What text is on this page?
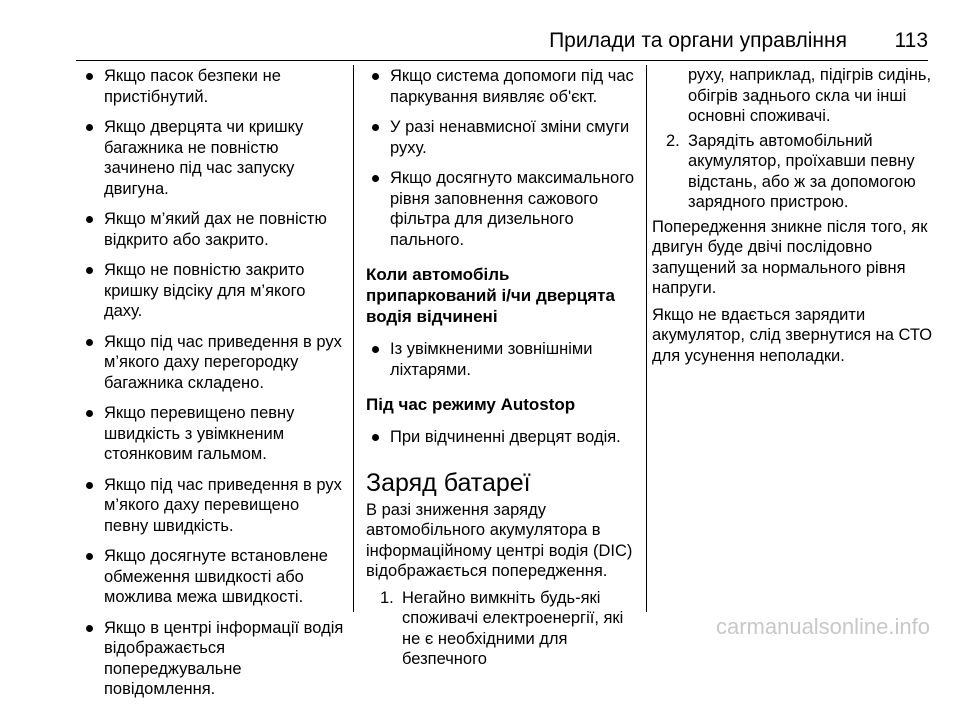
Прилади та органи управління 113
Якщо пасок безпеки не пристібнутий.
Якщо дверцята чи кришку багажника не повністю зачинено під час запуску двигуна.
Якщо м’який дах не повністю відкрито або закрито.
Якщо не повністю закрито кришку відсіку для м’якого даху.
Якщо під час приведення в рух м’якого даху перегородку багажника складено.
Якщо перевищено певну швидкість з увімкненим стоянковим гальмом.
Якщо під час приведення в рух м’якого даху перевищено певну швидкість.
Якщо досягнуте встановлене обмеження швидкості або можлива межа швидкості.
Якщо в центрі інформації водія відображається попереджувальне повідомлення.
Якщо система допомоги під час паркування виявляє об'єкт.
У разі ненавмисної зміни смуги руху.
Якщо досягнуто максимального рівня заповнення сажового фільтра для дизельного пального.
Коли автомобіль припаркований і/чи дверцята водія відчинені
Із увімкненими зовнішніми ліхтарями.
Під час режиму Autostop
При відчиненні дверцят водія.
Заряд батареї

В разі зниження заряду автомобільного акумулятора в інформаційному центрі водія (DIC) відображається попередження.

1. Негайно вимкніть будь-які споживачі електроенергії, які не є необхідними для безпечного
руху, наприклад, підігрів сидінь, обігрів заднього скла чи інші основні споживачі.
2. Зарядіть автомобільний акумулятор, проїхавши певну відстань, або ж за допомогою зарядного пристрою.

Попередження зникне після того, як двигун буде двічі послідовно запущений за нормального рівня напруги.

Якщо не вдається зарядити акумулятор, слід звернутися на СТО для усунення неполадки.

carmanualsonline.info
